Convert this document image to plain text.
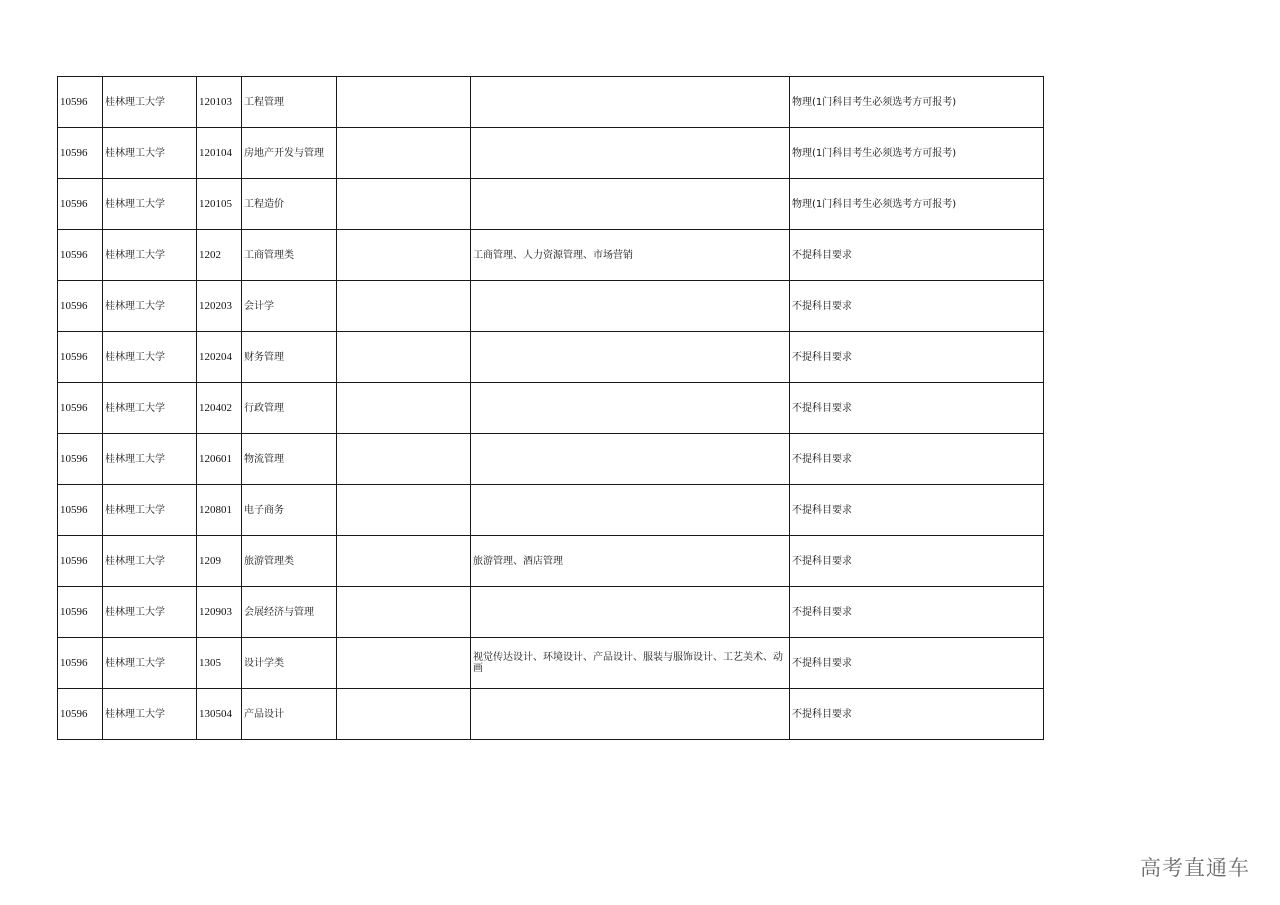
10596	桂林理工大学	120103	工程管理			物理(1门科目考生必须选考方可报考)
10596	桂林理工大学	120104	房地产开发与管理			物理(1门科目考生必须选考方可报考)
10596	桂林理工大学	120105	工程造价			物理(1门科目考生必须选考方可报考)
10596	桂林理工大学	1202	工商管理类		工商管理、人力资源管理、市场营销	不提科目要求
10596	桂林理工大学	120203	会计学			不提科目要求
10596	桂林理工大学	120204	财务管理			不提科目要求
10596	桂林理工大学	120402	行政管理			不提科目要求
10596	桂林理工大学	120601	物流管理			不提科目要求
10596	桂林理工大学	120801	电子商务			不提科目要求
10596	桂林理工大学	1209	旅游管理类		旅游管理、酒店管理	不提科目要求
10596	桂林理工大学	120903	会展经济与管理			不提科目要求
10596	桂林理工大学	1305	设计学类		视觉传达设计、环境设计、产品设计、服装与服饰设计、工艺美术、动画	不提科目要求
10596	桂林理工大学	130504	产品设计			不提科目要求
高考直通车
